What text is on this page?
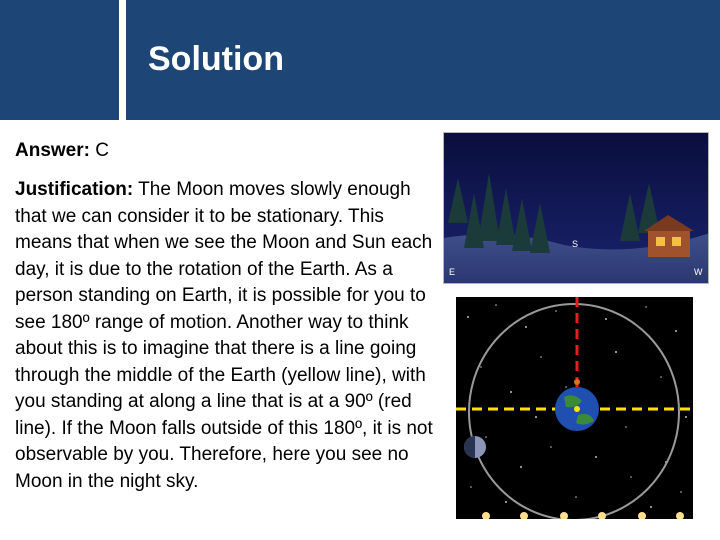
Solution
Answer: C
Justification: The Moon moves slowly enough that we can consider it to be stationary. This means that when we see the Moon and Sun each day, it is due to the rotation of the Earth. As a person standing on Earth, it is possible for you to see 180º range of motion. Another way to think about this is to imagine that there is a line going through the middle of the Earth (yellow line), with you standing at along a line that is at a 90º (red line). If the Moon falls outside of this 180º, it is not observable by you. Therefore, here you see no Moon in the night sky.
E
S
W
